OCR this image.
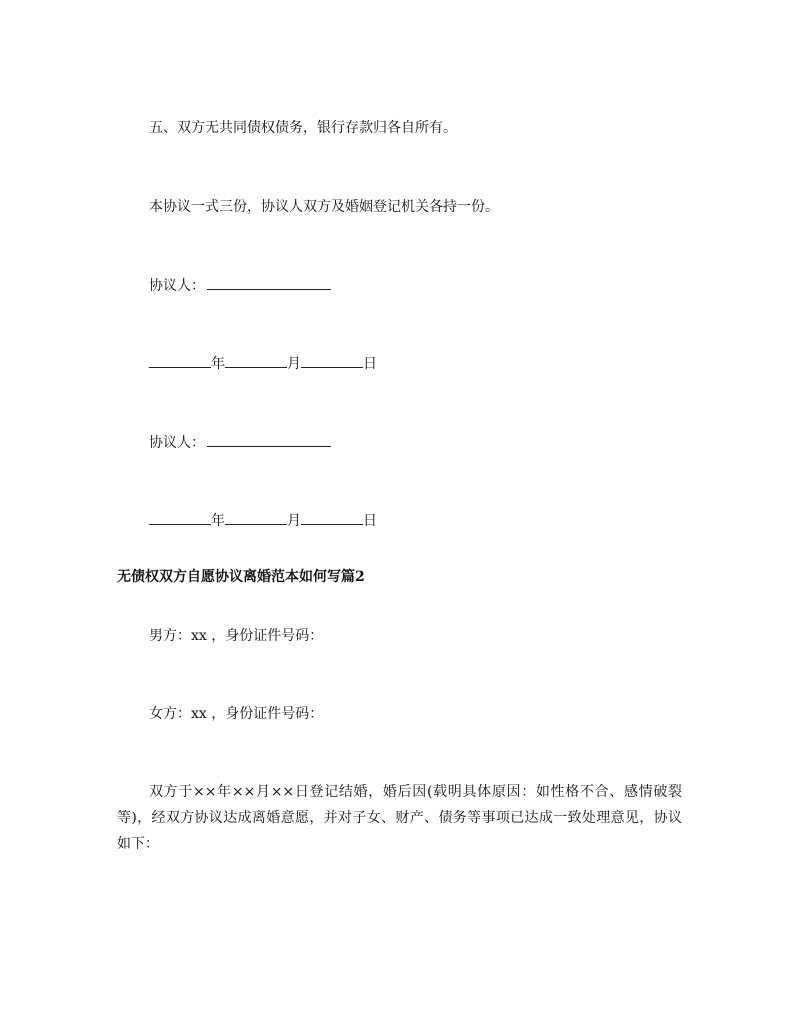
五、双方无共同债权债务，银行存款归各自所有。

本协议一式三份，协议人双方及婚姻登记机关各持一份。

协议人：

年	月	日

协议人：

年	月	日

无债权双方自愿协议离婚范本如何写篇2

男方：xx ，身份证件号码：

女方：xx ，身份证件号码：

双方于××年××月××日登记结婚，婚后因(载明具体原因：如性格不合、感情破裂等)，经双方协议达成离婚意愿，并对子女、财产、债务等事项已达成一致处理意见，协议如下：
